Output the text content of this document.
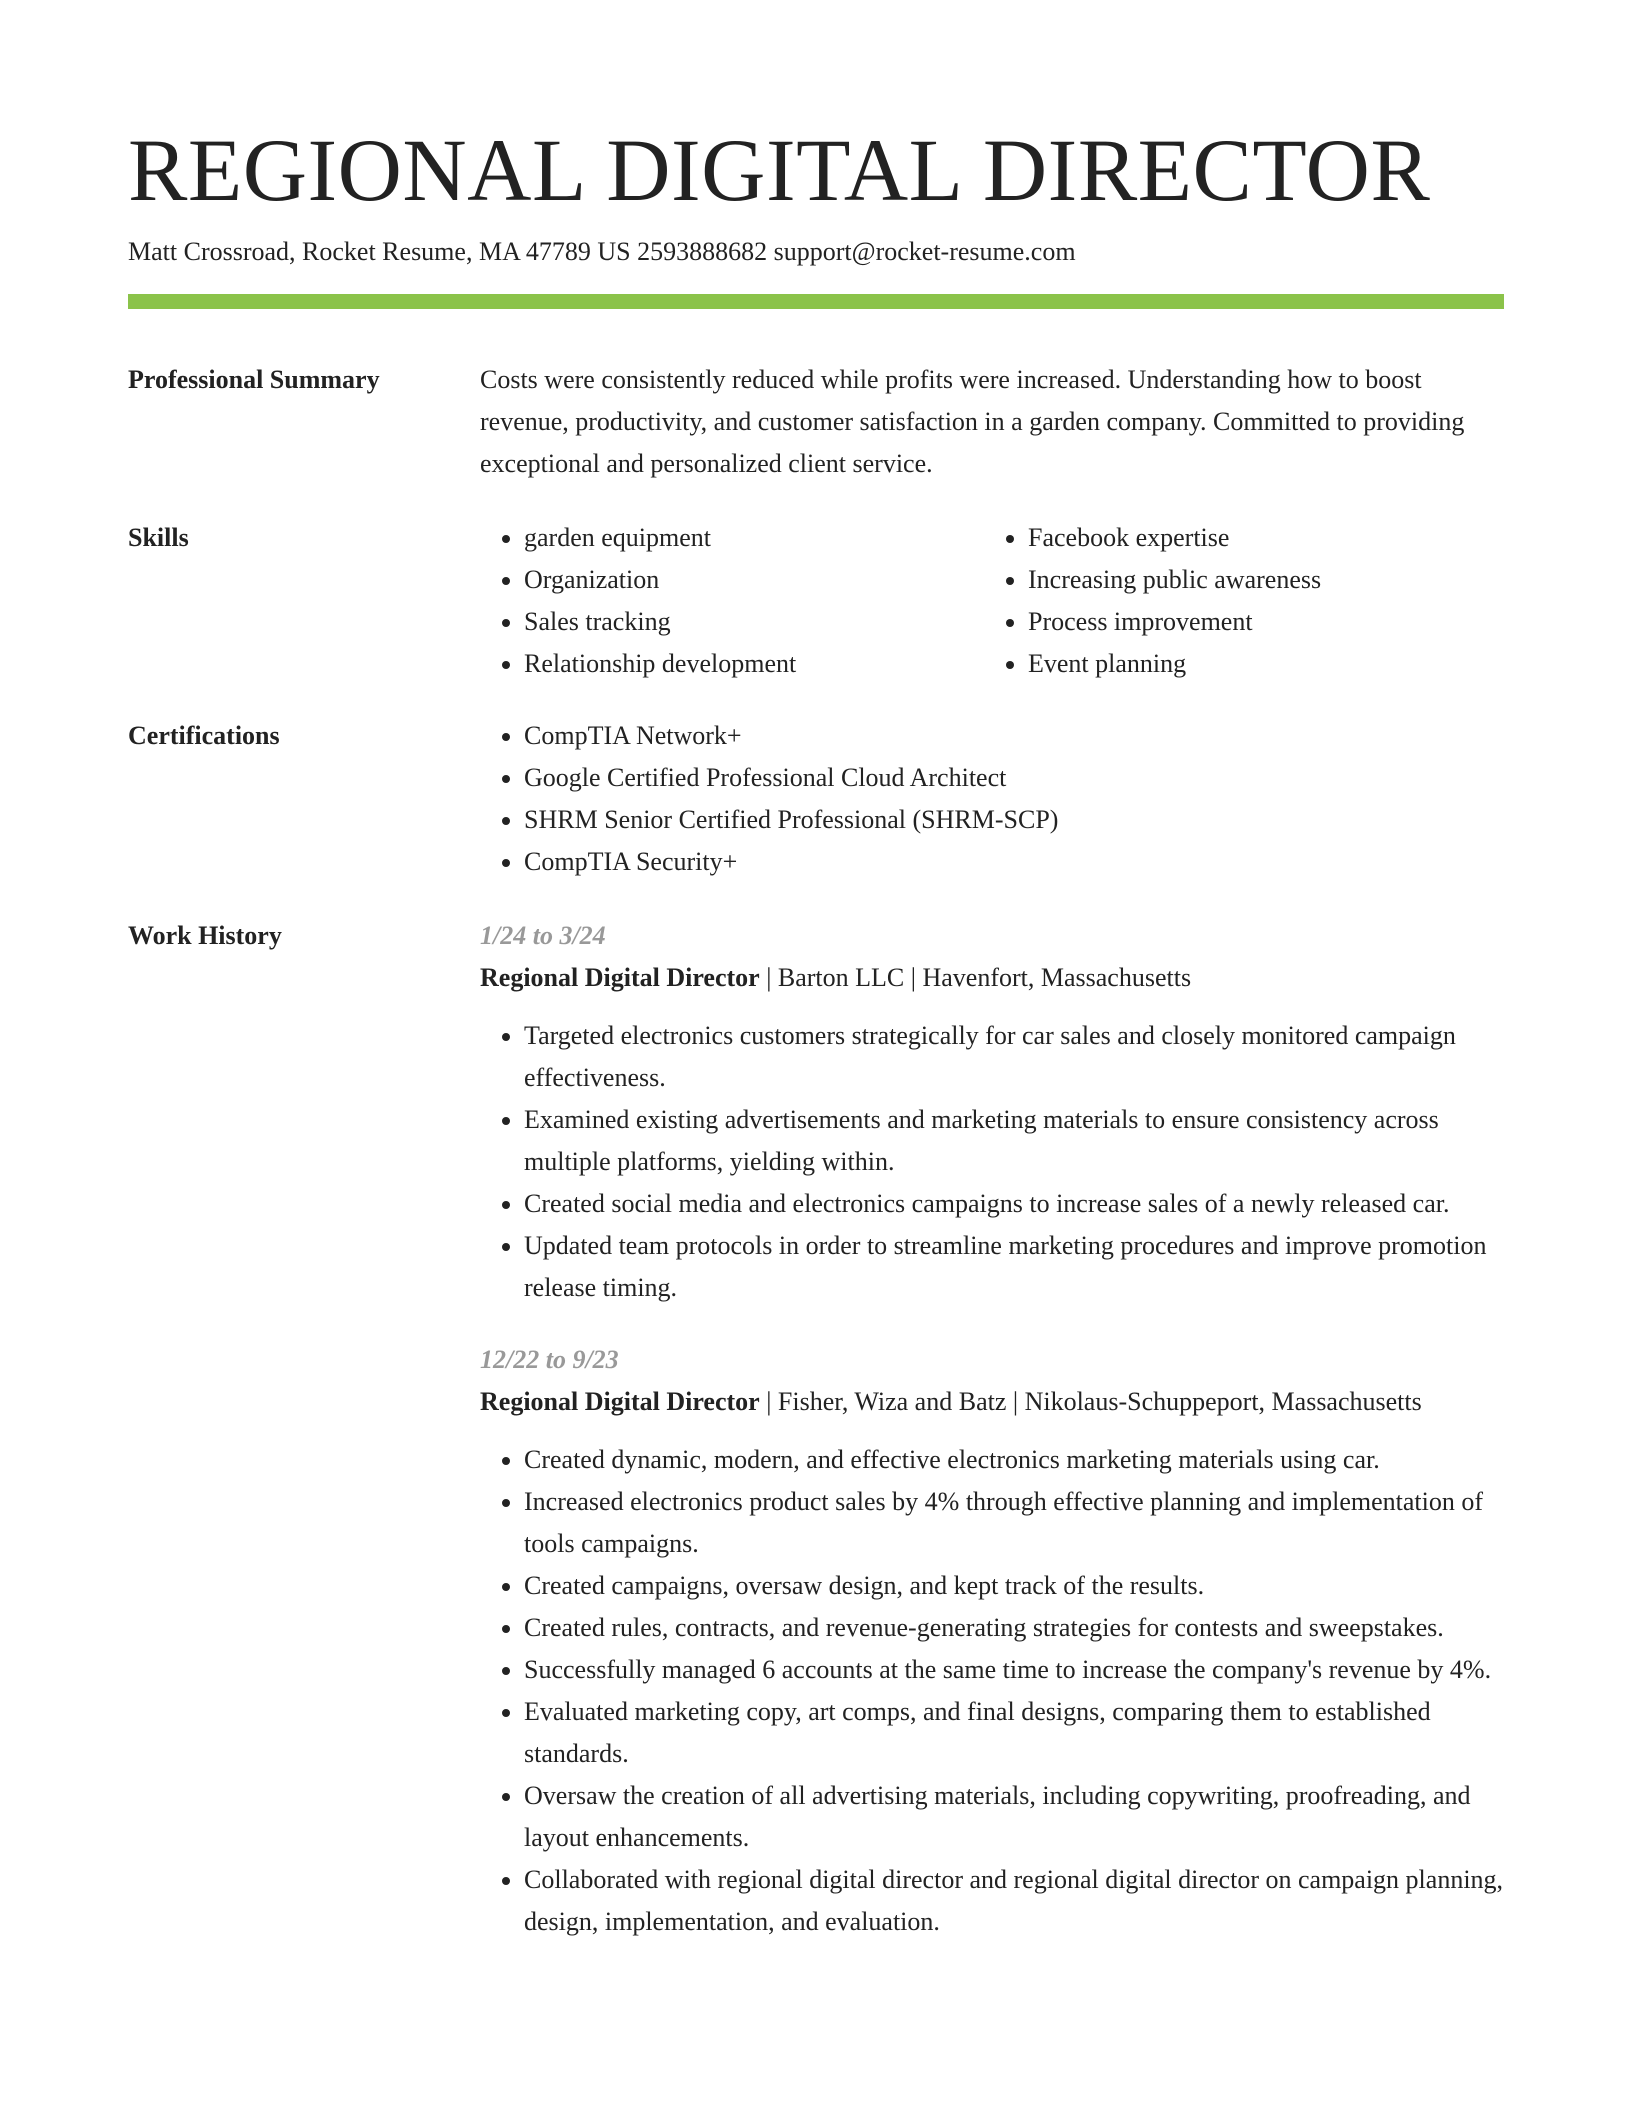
REGIONAL DIGITAL DIRECTOR
Matt Crossroad, Rocket Resume, MA 47789 US 2593888682 support@rocket-resume.com
Professional Summary	Costs were consistently reduced while profits were increased. Understanding how to boost revenue, productivity, and customer satisfaction in a garden company. Committed to providing exceptional and personalized client service.

Skills	• garden equipment
• Organization
• Sales tracking
• Relationship development
• Facebook expertise
• Increasing public awareness
• Process improvement
• Event planning
Certifications	• CompTIA Network+
• Google Certified Professional Cloud Architect
• SHRM Senior Certified Professional (SHRM-SCP)
• CompTIA Security+
Work History	1/24 to 3/24
Regional Digital Director | Barton LLC | Havenfort, Massachusetts
• Targeted electronics customers strategically for car sales and closely monitored campaign effectiveness.
• Examined existing advertisements and marketing materials to ensure consistency across multiple platforms, yielding within.
• Created social media and electronics campaigns to increase sales of a newly released car.
• Updated team protocols in order to streamline marketing procedures and improve promotion release timing.
12/22 to 9/23
Regional Digital Director | Fisher, Wiza and Batz | Nikolaus-Schuppeport, Massachusetts
• Created dynamic, modern, and effective electronics marketing materials using car.
• Increased electronics product sales by 4% through effective planning and implementation of tools campaigns.
• Created campaigns, oversaw design, and kept track of the results.
• Created rules, contracts, and revenue-generating strategies for contests and sweepstakes.
• Successfully managed 6 accounts at the same time to increase the company's revenue by 4%.
• Evaluated marketing copy, art comps, and final designs, comparing them to established standards.
• Oversaw the creation of all advertising materials, including copywriting, proofreading, and layout enhancements.
• Collaborated with regional digital director and regional digital director on campaign planning, design, implementation, and evaluation.
